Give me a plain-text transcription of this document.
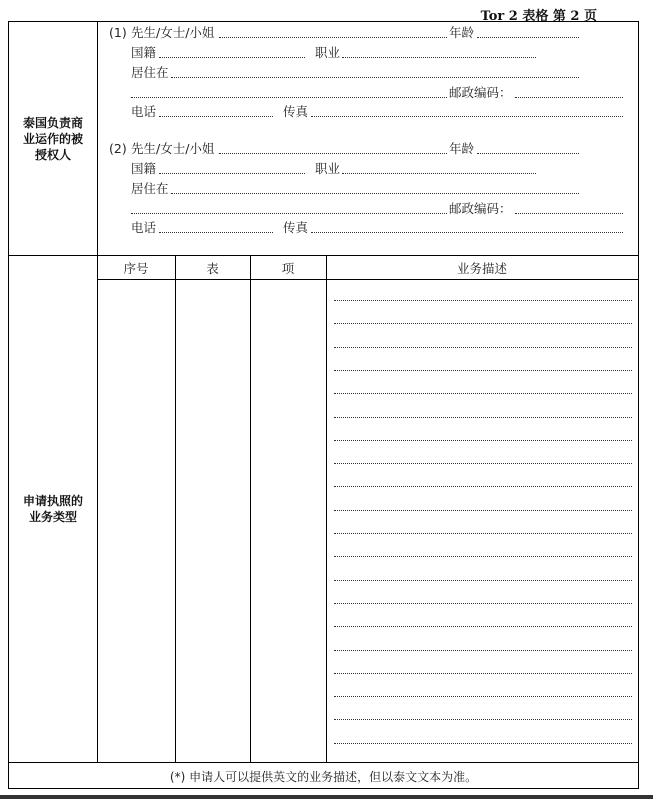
Tor 2 表格 第 2 页
泰国负责商
业运作的被
授权人
(1) 先生/女士/小姐	年龄
国籍	职业
居住在
邮政编码：
电话	传真
(2) 先生/女士/小姐	年龄
国籍	职业
居住在
邮政编码：
电话	传真
申请执照的
业务类型
序号	表	项	业务描述
(*) 申请人可以提供英文的业务描述，但以泰文文本为准。
